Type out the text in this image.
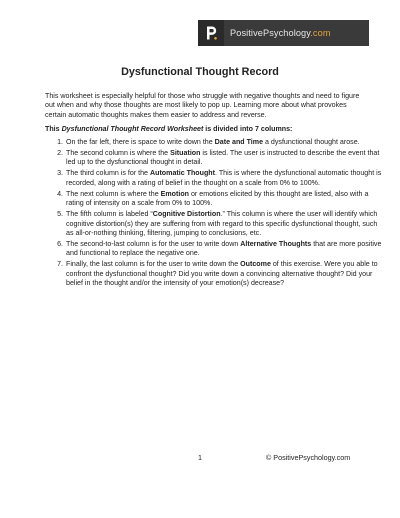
PositivePsychology.com
Dysfunctional Thought Record

This worksheet is especially helpful for those who struggle with negative thoughts and need to figure out when and why those thoughts are most likely to pop up. Learning more about what provokes certain automatic thoughts makes them easier to address and reverse.

This Dysfunctional Thought Record Worksheet is divided into 7 columns:

1. On the far left, there is space to write down the Date and Time a dysfunctional thought arose.
2. The second column is where the Situation is listed. The user is instructed to describe the event that led up to the dysfunctional thought in detail.
3. The third column is for the Automatic Thought. This is where the dysfunctional automatic thought is recorded, along with a rating of belief in the thought on a scale from 0% to 100%.
4. The next column is where the Emotion or emotions elicited by this thought are listed, also with a rating of intensity on a scale from 0% to 100%.
5. The fifth column is labeled “Cognitive Distortion.” This column is where the user will identify which cognitive distortion(s) they are suffering from with regard to this specific dysfunctional thought, such as all-or-nothing thinking, filtering, jumping to conclusions, etc.
6. The second-to-last column is for the user to write down Alternative Thoughts that are more positive and functional to replace the negative one.
7. Finally, the last column is for the user to write down the Outcome of this exercise. Were you able to confront the dysfunctional thought? Did you write down a convincing alternative thought? Did your belief in the thought and/or the intensity of your emotion(s) decrease?
1	© PositivePsychology.com
